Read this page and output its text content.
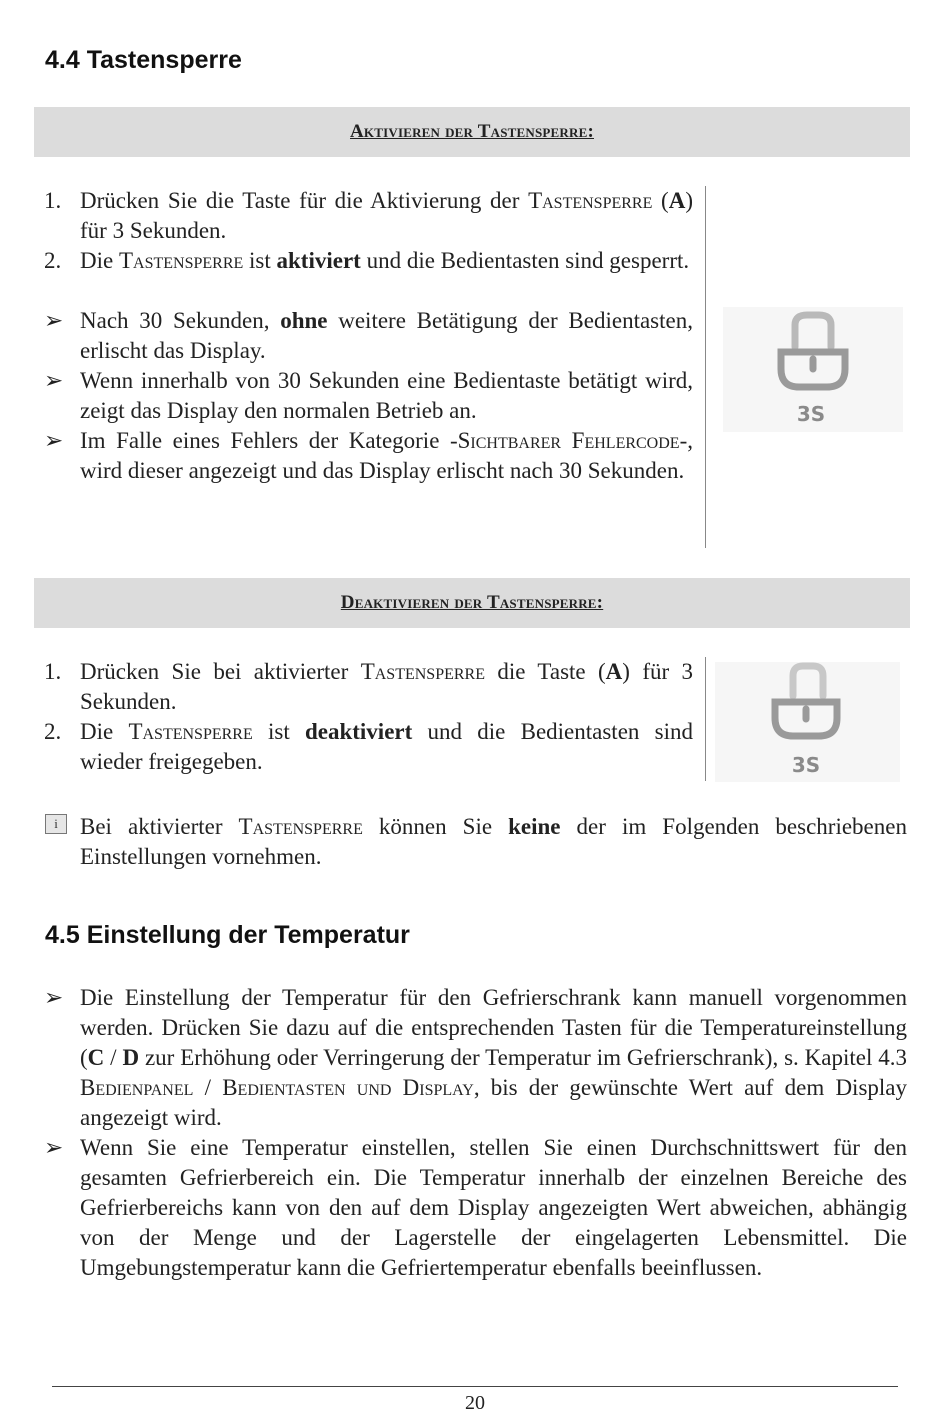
4.4 Tastensperre
Aktivieren der Tastensperre:
1. Drücken Sie die Taste für die Aktivierung der Tastensperre (A) für 3 Sekunden.
2. Die Tastensperre ist aktiviert und die Bedientasten sind gesperrt.
➢ Nach 30 Sekunden, ohne weitere Betätigung der Bedientasten, erlischt das Display.
➢ Wenn innerhalb von 30 Sekunden eine Bedientaste betätigt wird, zeigt das Display den normalen Betrieb an.
➢ Im Falle eines Fehlers der Kategorie -Sichtbarer Fehlercode-, wird dieser angezeigt und das Display erlischt nach 30 Sekunden.
3S
Deaktivieren der Tastensperre:
1. Drücken Sie bei aktivierter Tastensperre die Taste (A) für 3 Sekunden.
2. Die Tastensperre ist deaktiviert und die Bedientasten sind wieder freigegeben.	3S
i Bei aktivierter Tastensperre können Sie keine der im Folgenden beschriebenen Einstellungen vornehmen.
4.5 Einstellung der Temperatur
➢ Die Einstellung der Temperatur für den Gefrierschrank kann manuell vorgenommen werden. Drücken Sie dazu auf die entsprechenden Tasten für die Temperatureinstellung (C / D zur Erhöhung oder Verringerung der Temperatur im Gefrierschrank), s. Kapitel 4.3 Bedienpanel / Bedientasten und Display, bis der gewünschte Wert auf dem Display angezeigt wird.
➢ Wenn Sie eine Temperatur einstellen, stellen Sie einen Durchschnittswert für den gesamten Gefrierbereich ein. Die Temperatur innerhalb der einzelnen Bereiche des Gefrierbereichs kann von den auf dem Display angezeigten Wert abweichen, abhängig von der Menge und der Lagerstelle der eingelagerten Lebensmittel. Die Umgebungstemperatur kann die Gefriertemperatur ebenfalls beeinflussen.
20
